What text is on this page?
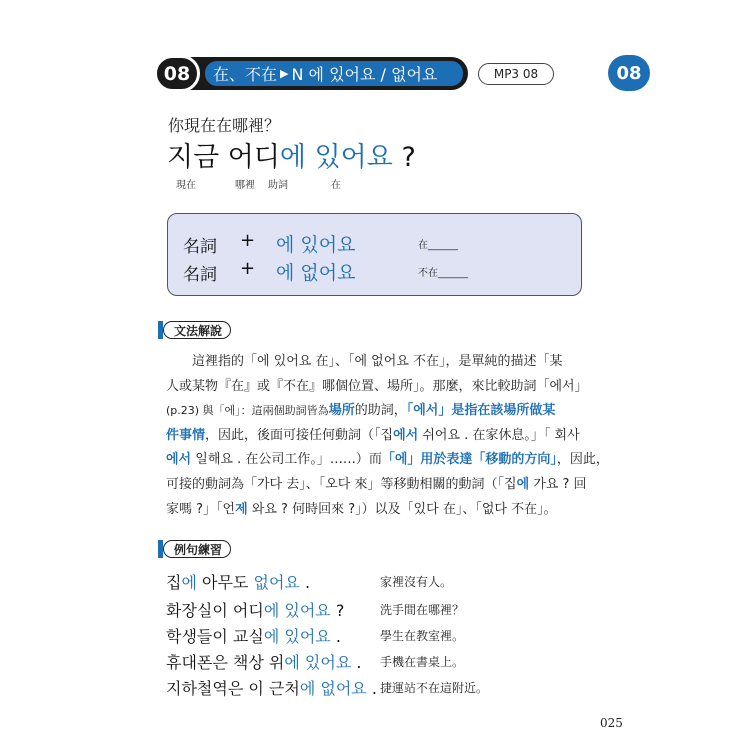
08	在、不在 ▶ N 에 있어요 / 없어요	MP3 08	08
你現在在哪裡？
지금 어디에 있어요 ?
現在	哪裡 助詞	在
名詞 + 에 있어요	在______
名詞 + 에 없어요	不在______
文法解說

這裡指的「에 있어요 在」、「에 없어요 不在」，是單純的描述「某

人或某物『在』或『不在』哪個位置、場所」。那麼，來比較助詞「에서」

(p.23) 與「에」：這兩個助詞皆為場所的助詞，「에서」是指在該場所做某

件事情，因此，後面可接任何動詞（「집에서 쉬어요 . 在家休息。」「 회사

에서 일해요 . 在公司工作。」……）而「에」用於表達「移動的方向」，因此，

可接的動詞為「가다 去」、「오다 來」等移動相關的動詞（「집에 가요 ? 回

家嗎 ?」「언제 와요 ? 何時回來 ?」）以及「있다 在」、「없다 不在」。

例句練習
집에 아무도 없어요 .	家裡沒有人。
화장실이 어디에 있어요 ?	洗手間在哪裡？
학생들이 교실에 있어요 .	學生在教室裡。
휴대폰은 책상 위에 있어요 . 手機在書桌上。
지하철역은 이 근처에 없어요 . 捷運站不在這附近。
025
